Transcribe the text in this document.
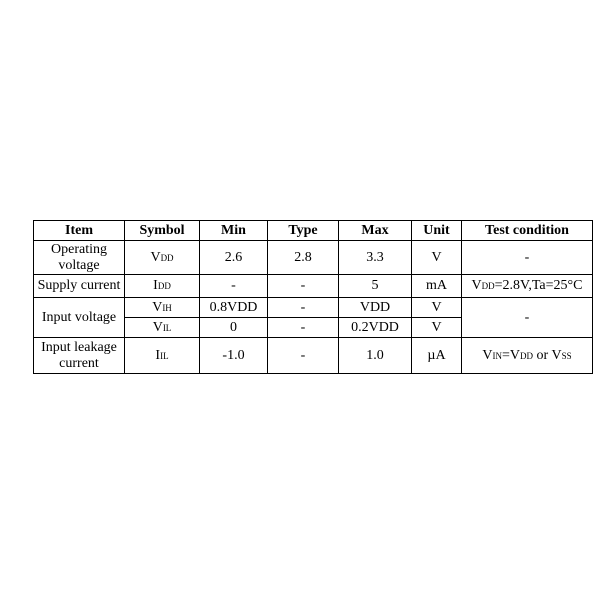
Item	Symbol	Min	Type	Max	Unit	Test condition
Operating voltage	VDD	2.6	2.8	3.3	V	-
Supply current	IDD	-	-	5	mA	VDD=2.8V,Ta=25°C
Input voltage	VIH	0.8VDD	-	VDD	V	-
	VIL	0	-	0.2VDD	V	
Input leakage current	IIL	-1.0	-	1.0	µA	VIN=VDD or VSS
